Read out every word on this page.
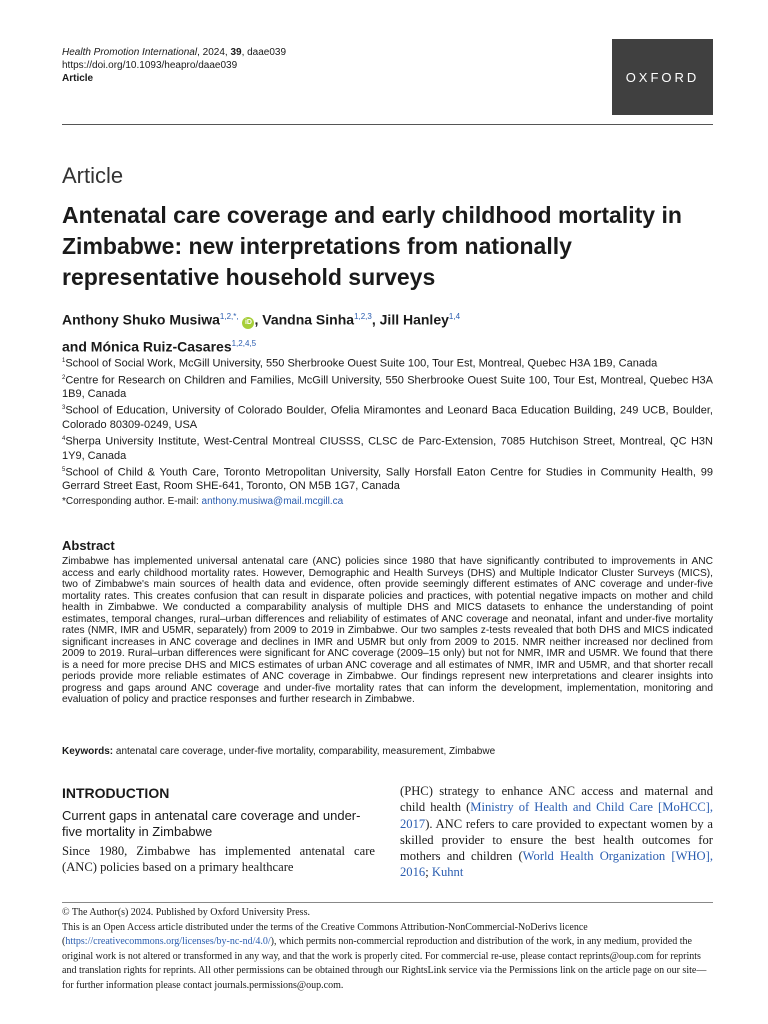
Health Promotion International, 2024, 39, daae039
https://doi.org/10.1093/heapro/daae039
Article	OXFORD
Article
Antenatal care coverage and early childhood mortality in Zimbabwe: new interpretations from nationally representative household surveys
Anthony Shuko Musiwa$^{1,2,*,}$ iD , Vandna Sinha$^{1,2,3}$, Jill Hanley$^{1,4}$
and Mónica Ruiz-Casares$^{1,2,4,5}$
$^1$School of Social Work, McGill University, 550 Sherbrooke Ouest Suite 100, Tour Est, Montreal, Quebec H3A 1B9, Canada
$^2$Centre for Research on Children and Families, McGill University, 550 Sherbrooke Ouest Suite 100, Tour Est, Montreal, Quebec H3A 1B9, Canada
$^3$School of Education, University of Colorado Boulder, Ofelia Miramontes and Leonard Baca Education Building, 249 UCB, Boulder, Colorado 80309-0249, USA
$^4$Sherpa University Institute, West-Central Montreal CIUSSS, CLSC de Parc-Extension, 7085 Hutchison Street, Montreal, QC H3N 1Y9, Canada
$^5$School of Child & Youth Care, Toronto Metropolitan University, Sally Horsfall Eaton Centre for Studies in Community Health, 99 Gerrard Street East, Room SHE-641, Toronto, ON M5B 1G7, Canada
*Corresponding author. E-mail: anthony.musiwa@mail.mcgill.ca
Abstract
Zimbabwe has implemented universal antenatal care (ANC) policies since 1980 that have significantly contributed to improvements in ANC access and early childhood mortality rates. However, Demographic and Health Surveys (DHS) and Multiple Indicator Cluster Surveys (MICS), two of Zimbabwe's main sources of health data and evidence, often provide seemingly different estimates of ANC coverage and under-five mortality rates. This creates confusion that can result in disparate policies and practices, with potential negative impacts on mother and child health in Zimbabwe. We conducted a comparability analysis of multiple DHS and MICS datasets to enhance the understanding of point estimates, temporal changes, rural–urban differences and reliability of estimates of ANC coverage and neonatal, infant and under-five mortality rates (NMR, IMR and U5MR, separately) from 2009 to 2019 in Zimbabwe. Our two samples z-tests revealed that both DHS and MICS indicated significant increases in ANC coverage and declines in IMR and U5MR but only from 2009 to 2015. NMR neither increased nor declined from 2009 to 2019. Rural–urban differences were significant for ANC coverage (2009–15 only) but not for NMR, IMR and U5MR. We found that there is a need for more precise DHS and MICS estimates of urban ANC coverage and all estimates of NMR, IMR and U5MR, and that shorter recall periods provide more reliable estimates of ANC coverage in Zimbabwe. Our findings represent new interpretations and clearer insights into progress and gaps around ANC coverage and under-five mortality rates that can inform the development, implementation, monitoring and evaluation of policy and practice responses and further research in Zimbabwe.
Keywords: antenatal care coverage, under-five mortality, comparability, measurement, Zimbabwe
INTRODUCTION
Current gaps in antenatal care coverage and under-five mortality in Zimbabwe
Since 1980, Zimbabwe has implemented antenatal care (ANC) policies based on a primary healthcare
(PHC) strategy to enhance ANC access and maternal and child health (Ministry of Health and Child Care [MoHCC], 2017). ANC refers to care provided to expectant women by a skilled provider to ensure the best health outcomes for mothers and children (World Health Organization [WHO], 2016; Kuhnt
© The Author(s) 2024. Published by Oxford University Press.
This is an Open Access article distributed under the terms of the Creative Commons Attribution-NonCommercial-NoDerivs licence (https://creativecommons.org/licenses/by-nc-nd/4.0/), which permits non-commercial reproduction and distribution of the work, in any medium, provided the original work is not altered or transformed in any way, and that the work is properly cited. For commercial re-use, please contact reprints@oup.com for reprints and translation rights for reprints. All other permissions can be obtained through our RightsLink service via the Permissions link on the article page on our site—for further information please contact journals.permissions@oup.com.
